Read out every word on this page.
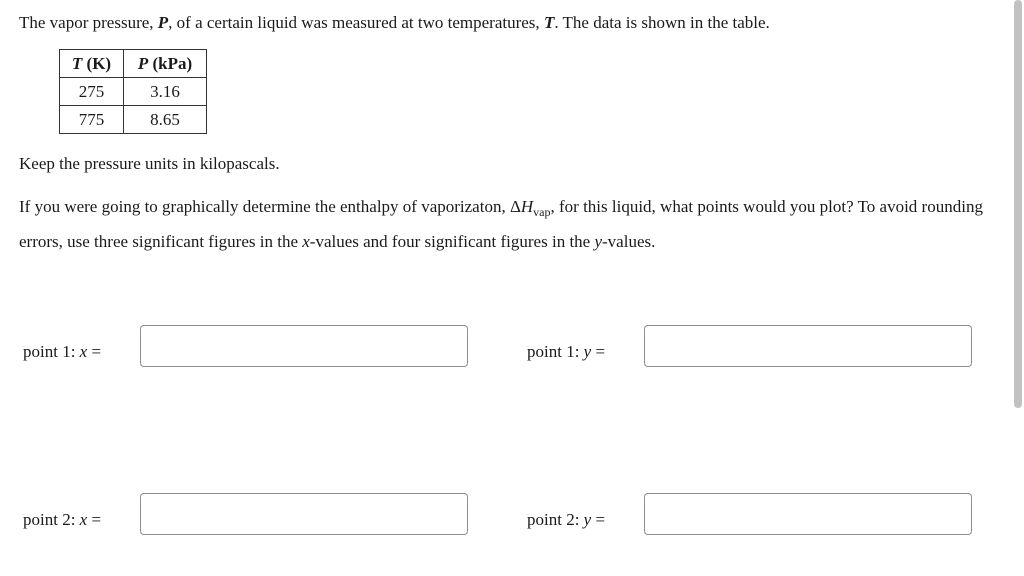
The vapor pressure, P, of a certain liquid was measured at two temperatures, T. The data is shown in the table.
T (K)	P (kPa)
275	3.16
775	8.65
Keep the pressure units in kilopascals.
If you were going to graphically determine the enthalpy of vaporizaton, $\Delta H_{vap}$, for this liquid, what points would you plot? To avoid rounding errors, use three significant figures in the x-values and four significant figures in the y-values.
point 1: x =	point 1: y =
point 2: x =	point 2: y =
